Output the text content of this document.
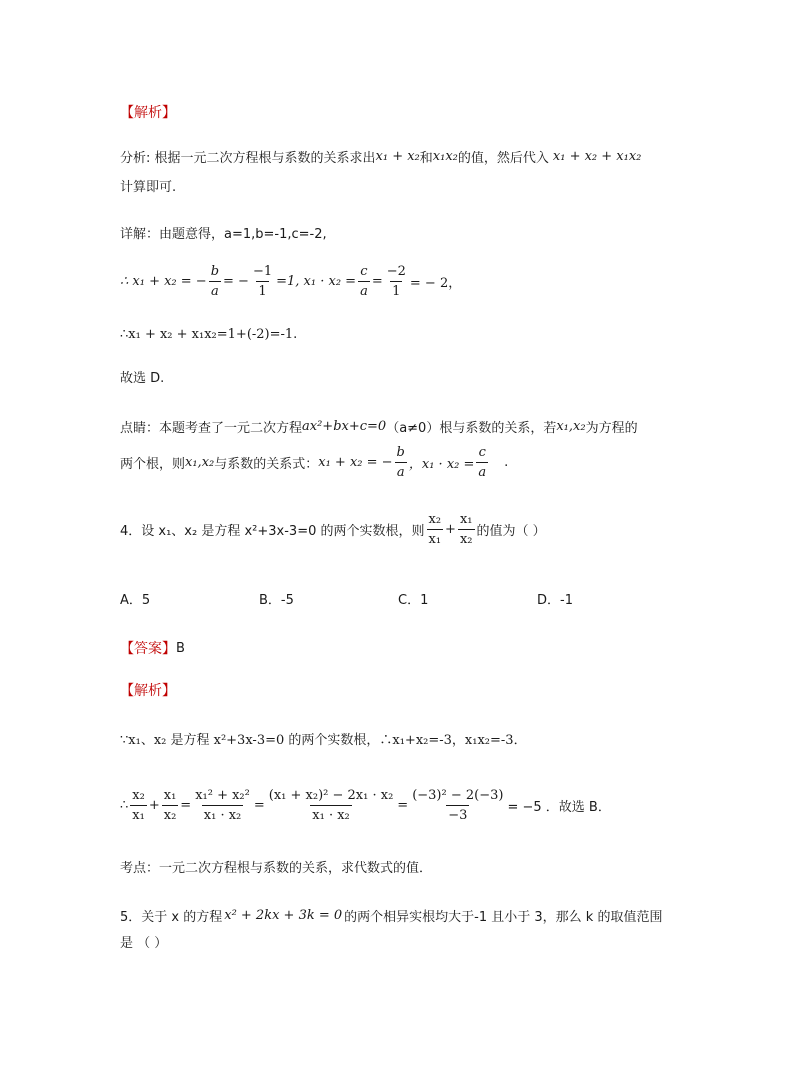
【解析】
分析: 根据一元二次方程根与系数的关系求出 x₁ + x₂ 和 x₁x₂ 的值，然后代入 x₁ + x₂ + x₁x₂
计算即可.
详解：由题意得，a=1,b=-1,c=-2,
∴ x₁ + x₂ = − $\frac{b}{a}$ = − $\frac{-1}{1} =1$, $x_1 \cdot x_2 = \frac{c}{a} = \frac{-2}{1}$ = − 2，
∴x₁ + x₂ + x₁x₂=1+(-2)=-1.
故选 D.
点睛：本题考查了一元二次方程 ax²+bx+c=0 （a≠0）根与系数的关系，若 x₁,x₂ 为方程的
两个根，则 x₁,x₂ 与系数的关系式： x₁ + x₂ = − $\frac{b}{a}$ ，$x_1 \cdot x_2 = \frac{c}{a}$ .
4．设 x₁、x₂ 是方程 x²+3x-3=0 的两个实数根，则 $\frac{\text{x₂}}{\text{x₁}} + \frac{\text{x₁}}{\text{x₂}}$ 的值为（ ）
A．5	B．-5	C．1	D．-1
【答案】 B
【解析】
∵x₁、x₂ 是方程 x²+3x-3=0 的两个实数根，∴x₁+x₂=-3，x₁x₂=-3．
∴ $\frac{\text{x₂}}{\text{x₁}} + \frac{\text{x₁}}{\text{x₂}} = \frac{\text{x₁² + x₂²}}{\text{x₁ · x₂}} = \frac{\text{(x₁ + x₂)² − 2x₁ · x₂}}{\text{x₁ · x₂}} = \frac{\text{(−3)² − 2(−3)}}{-3} = -5$ ．故选 B．
考点：一元二次方程根与系数的关系，求代数式的值．
5．关于 x 的方程 x² + 2kx + 3k = 0 的两个相异实根均大于-1 且小于 3，那么 k 的取值范围
是 （ ）
